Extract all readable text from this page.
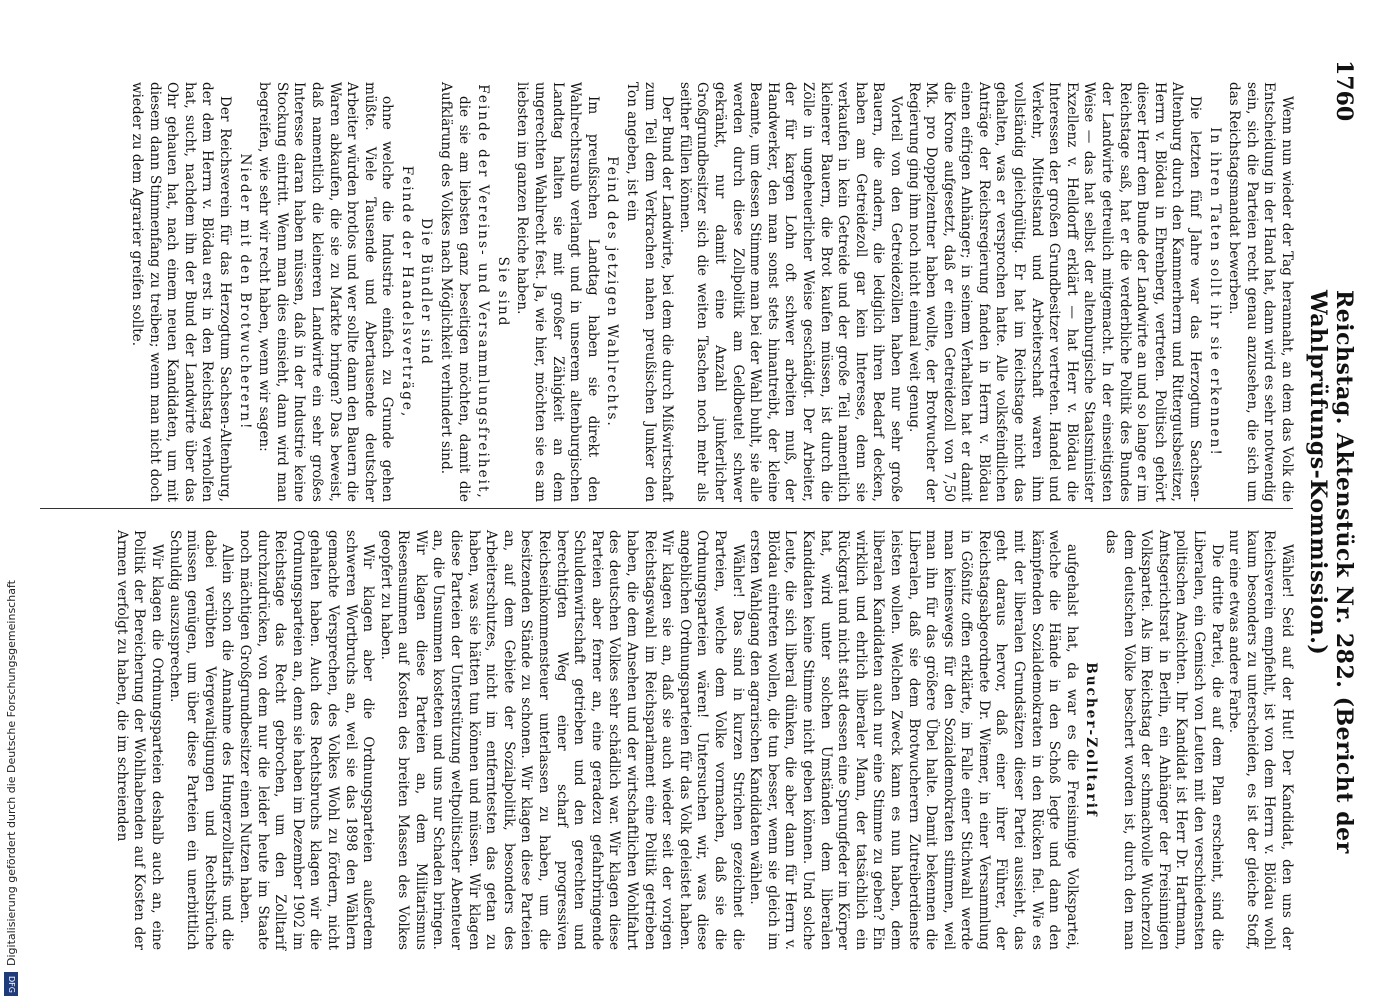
1760
Reichstag. Aktenstück Nr. 282. (Bericht der Wahlprüfungs-Kommission.)

Wenn nun wieder der Tag herannaht, an dem das Volk die Entscheidung in der Hand hat, dann wird es sehr notwendig sein, sich die Parteien recht genau anzusehen, die sich um das Reichstagsmandat bewerben.

In ihren Taten sollt ihr sie erkennen!

Die letzten fünf Jahre war das Herzogtum Sachsen-Altenburg durch den Kammerherrn und Rittergutsbesitzer, Herrn v. Blödau in Ehrenberg, vertreten. Politisch gehört dieser Herr dem Bunde der Landwirte an und so lange er im Reichstage saß, hat er die verderbliche Politik des Bundes der Landwirte getreulich mitgemacht. In der einseitigsten Weise — das hat selbst der altenburgische Staatsminister Exzellenz v. Helldorff erklärt — hat Herr v. Blödau die Interessen der großen Grundbesitzer vertreten. Handel und Verkehr, Mittelstand und Arbeiterschaft waren ihm vollständig gleichgültig. Er hat im Reichstage nicht das gehalten, was er versprochen hatte. Alle volksfeindlichen Anträge der Reichsregierung fanden in Herrn v. Blödau einen eifrigen Anhänger; in seinem Verhalten hat er damit die Krone aufgesetzt, daß er einen Getreidezoll von 7,50 Mk. pro Doppelzentner haben wollte, der Brotwucher der Regierung ging ihm noch nicht einmal weit genug.

Vorteil von den Getreidezöllen haben nur sehr große Bauern, die andern, die lediglich ihren Bedarf decken, haben am Getreidezoll gar kein Interesse, denn sie verkaufen in kein Getreide und der große Teil namentlich kleinerer Bauern, die Brot kaufen müssen, ist durch die Zölle in ungeheuerlicher Weise geschädigt. Der Arbeiter, der für kargen Lohn oft schwer arbeiten muß, der Handwerker, den man sonst stets hinantreibt, der kleine Beamte, um dessen Stimme man bei der Wahl buhlt, sie alle werden durch diese Zollpolitik am Geldbeutel schwer gekränkt, nur damit eine Anzahl junkerlicher Großgrundbesitzer sich die weiten Taschen noch mehr als seither füllen können.

Der Bund der Landwirte, bei dem die durch Mißwirtschaft zum Teil dem Verkrachen nahen preußischen Junker den Ton angeben, ist ein

Feind des jetzigen Wahlrechts.

Im preußischen Landtag haben sie direkt den Wahlrechtsraub verlangt und in unserem altenburgischen Landtag halten sie mit großer Zähigkeit an dem ungerechten Wahlrecht fest. Ja, wie hier, möchten sie es am liebsten im ganzen Reiche haben.

Sie sind

Feinde der Vereins- und Versammlungsfreiheit,

die sie am liebsten ganz beseitigen möchten, damit die Aufklärung des Volkes nach Möglichkeit verhindert sind.

Die Bündler sind

Feinde der Handelsverträge,

ohne welche die Industrie einfach zu Grunde gehen müßte. Viele Tausende und Abertausende deutscher Arbeiter würden brotlos und wer sollte dann den Bauern die Waren abkaufen, die sie zu Markte bringen? Das beweist, daß namentlich die kleineren Landwirte ein sehr großes Interesse daran haben müssen, daß in der Industrie keine Stockung eintritt. Wenn man dies einsieht, dann wird man begreifen, wie sehr wir recht haben, wenn wir sagen:

Nieder mit den Brotwucherern!

Der Reichsverein für das Herzogtum Sachsen-Altenburg, der dem Herrn v. Blödau erst in den Reichstag verholfen hat, sucht, nachdem ihn der Bund der Landwirte über das Ohr gehauen hat, nach einem neuen Kandidaten, um mit diesem dann Stimmenfang zu treiben; wenn man nicht doch wieder zu dem Agrarier greifen sollte.

Wähler! Seid auf der Hut! Der Kandidat, den uns der Reichsverein empfiehlt, ist von dem Herrn v. Blödau wohl kaum besonders zu unterscheiden, es ist der gleiche Stoff, nur eine etwas andere Farbe.

Die dritte Partei, die auf dem Plan erscheint, sind die Liberalen, ein Gemisch von Leuten mit den verschiedensten politischen Ansichten. Ihr Kandidat ist Herr Dr. Hartmann, Amtsgerichtsrat in Berlin, ein Anhänger der Freisinnigen Volkspartei. Als im Reichstag der schmachvolle Wucherzoll dem deutschen Volke beschert worden ist, durch den man das

Bucher-Zolltarif

aufgehalst hat, da war es die Freisinnige Volkspartei, welche die Hände in den Schoß legte und dann den kämpfenden Sozialdemokraten in den Rücken fiel. Wie es mit der liberalen Grundsätzen dieser Partei aussieht, das geht daraus hervor, daß einer ihrer Führer, der Reichstagsabgeordnete Dr. Wiemer, in einer Versammlung in Gößnitz offen erklärte, im Falle einer Stichwahl werde man keineswegs für den Sozialdemokraten stimmen, weil man ihn für das größere Übel halte. Damit bekennen die Liberalen, daß sie dem Brotwucherern Zutreiberdienste leisten wollen. Welchen Zweck kann es nun haben, dem liberalen Kandidaten auch nur eine Stimme zu geben? Ein wirklich und ehrlich liberaler Mann, der tatsächlich ein Rückgrat und nicht statt dessen eine Sprungfeder im Körper hat, wird unter solchen Umständen dem liberalen Kandidaten keine Stimme nicht geben können. Und solche Leute, die sich liberal dünken, die aber dann für Herrn v. Blödau eintreten wollen, die tun besser, wenn sie gleich im ersten Wahlgang den agrarischen Kandidaten wählen.

Wähler! Das sind in kurzen Strichen gezeichnet die Parteien, welche dem Volke vormachen, daß sie die Ordnungsparteien wären! Untersuchen wir, was diese angeblichen Ordnungsparteien für das Volk geleistet haben. Wir klagen sie an, daß sie auch wieder seit der vorigen Reichstagswahl im Reichsparlament eine Politik getrieben haben, die dem Ansehen und der wirtschaftlichen Wohlfahrt des deutschen Volkes sehr schädlich war. Wir klagen diese Parteien aber ferner an, eine geradezu gefahrbringende Schuldenwirtschaft getrieben und den gerechten und berechtigten Weg einer scharf progressiven Reichseinkommensteuer unterlassen zu haben, um die besitzenden Stände zu schonen. Wir klagen diese Parteien an, auf dem Gebiete der Sozialpolitik, besonders des Arbeiterschutzes, nicht im entferntesten das getan zu haben, was sie hätten tun können und müssen. Wir klagen diese Parteien der Unterstützung weltpolitischer Abenteuer an, die Unsummen kosteten und uns nur Schaden bringen. Wir klagen diese Parteien an, dem Militarismus Riesensummen auf Kosten des breiten Massen des Volkes geopfert zu haben.

Wir klagen aber die Ordnungsparteien außerdem schweren Wortbruchs an, weil sie das 1898 den Wählern gemachte Versprechen, des Volkes Wohl zu fördern, nicht gehalten haben. Auch des Rechtsbruchs klagen wir die Ordnungsparteien an, denn sie haben im Dezember 1902 im Reichstage das Recht gebrochen, um den Zolltarif durchzudrücken, von dem nur die leider heute im Staate noch mächtigen Großgrundbesitzer einen Nutzen haben.

Allein schon die Annahme des Hungerzolltarifs und die dabei verübten Vergewaltigungen und Rechtsbrüche müssen genügen, um über diese Parteien ein unerbittlich Schuldig auszusprechen.

Wir klagen die Ordnungsparteien deshalb auch an, eine Politik der Bereicherung der Wohlhabenden auf Kosten der Armen verfolgt zu haben, die im schreienden

Digitalisierung gefördert durch die Deutsche Forschungsgemeinschaft
DFG
